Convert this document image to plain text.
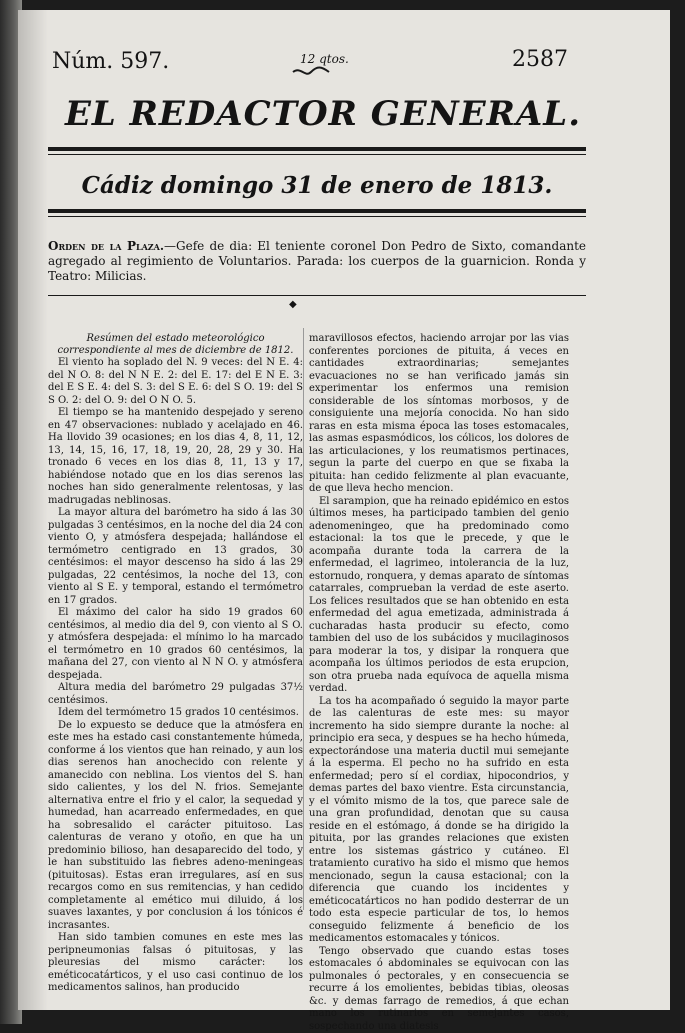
Núm. 597.	12 qtos.	2587
EL REDACTOR GENERAL.
Cádiz domingo 31 de enero de 1813.
Orden de la Plaza.—Gefe de dia: El teniente coronel Don Pedro de Sixto, comandante agregado al regimiento de Voluntarios. Parada: los cuerpos de la guarnicion. Ronda y Teatro: Milicias.
◆

Resúmen del estado meteorológico correspondiente al mes de diciembre de 1812.

El viento ha soplado del N. 9 veces: del N E. 4: del N O. 8: del N N E. 2: del E. 17: del E N E. 3: del E S E. 4: del S. 3: del S E. 6: del S O. 19: del S S O. 2: del O. 9: del O N O. 5.

El tiempo se ha mantenido despejado y sereno en 47 observaciones: nublado y acelajado en 46. Ha llovido 39 ocasiones; en los dias 4, 8, 11, 12, 13, 14, 15, 16, 17, 18, 19, 20, 28, 29 y 30. Ha tronado 6 veces en los dias 8, 11, 13 y 17, habiéndose notado que en los dias serenos las noches han sido generalmente relentosas, y las madrugadas neblinosas.

La mayor altura del barómetro ha sido á las 30 pulgadas 3 centésimos, en la noche del dia 24 con viento O, y atmósfera despejada; hallándose el termómetro centigrado en 13 grados, 30 centésimos: el mayor descenso ha sido á las 29 pulgadas, 22 centésimos, la noche del 13, con viento al S E. y temporal, estando el termómetro en 17 grados.

El máximo del calor ha sido 19 grados 60 centésimos, al medio dia del 9, con viento al S O. y atmósfera despejada: el mínimo lo ha marcado el termómetro en 10 grados 60 centésimos, la mañana del 27, con viento al N N O. y atmósfera despejada.

Altura media del barómetro 29 pulgadas 37½ centésimos.

Idem del termómetro 15 grados 10 centésimos.

De lo expuesto se deduce que la atmósfera en este mes ha estado casi constantemente húmeda, conforme á los vientos que han reinado, y aun los dias serenos han anochecido con relente y amanecido con neblina. Los vientos del S. han sido calientes, y los del N. frios. Semejante alternativa entre el frio y el calor, la sequedad y humedad, han acarreado enfermedades, en que ha sobresalido el carácter pituitoso. Las calenturas de verano y otoño, en que ha un predominio bilioso, han desaparecido del todo, y le han substituido las fiebres adeno-meningeas (pituitosas). Estas eran irregulares, así en sus recargos como en sus remitencias, y han cedido completamente al emético mui diluido, á los suaves laxantes, y por conclusion á los tónicos é incrasantes.

Han sido tambien comunes en este mes las peripneumonias falsas ó pituitosas, y las pleuresias del mismo carácter: los eméticocatárticos, y el uso casi continuo de los medicamentos salinos, han producido

maravillosos efectos, haciendo arrojar por las vias conferentes porciones de pituita, á veces en cantidades extraordinarias; semejantes evacuaciones no se han verificado jamás sin experimentar los enfermos una remision considerable de los síntomas morbosos, y de consiguiente una mejoría conocida. No han sido raras en esta misma época las toses estomacales, las asmas espasmódicos, los cólicos, los dolores de las articulaciones, y los reumatismos pertinaces, segun la parte del cuerpo en que se fixaba la pituita: han cedido felizmente al plan evacuante, de que lleva hecho mencion.

El sarampion, que ha reinado epidémico en estos últimos meses, ha participado tambien del genio adenomeningeo, que ha predominado como estacional: la tos que le precede, y que le acompaña durante toda la carrera de la enfermedad, el lagrimeo, intolerancia de la luz, estornudo, ronquera, y demas aparato de síntomas catarrales, comprueban la verdad de este aserto. Los felices resultados que se han obtenido en esta enfermedad del agua emetizada, administrada á cucharadas hasta producir su efecto, como tambien del uso de los subácidos y mucilaginosos para moderar la tos, y disipar la ronquera que acompaña los últimos periodos de esta erupcion, son otra prueba nada equívoca de aquella misma verdad.

La tos ha acompañado ó seguido la mayor parte de las calenturas de este mes: su mayor incremento ha sido siempre durante la noche: al principio era seca, y despues se ha hecho húmeda, expectorándose una materia ductil mui semejante á la esperma. El pecho no ha sufrido en esta enfermedad; pero sí el cordiax, hipocondrios, y demas partes del baxo vientre. Esta circunstancia, y el vómito mismo de la tos, que parece sale de una gran profundidad, denotan que su causa reside en el estómago, á donde se ha dirigido la pituita, por las grandes relaciones que existen entre los sistemas gástrico y cutáneo. El tratamiento curativo ha sido el mismo que hemos mencionado, segun la causa estacional; con la diferencia que cuando los incidentes y eméticocatárticos no han podido desterrar de un todo esta especie particular de tos, lo hemos conseguido felizmente á beneficio de los medicamentos estomacales y tónicos.

Tengo observado que cuando estas toses estomacales ó abdominales se equivocan con las pulmonales ó pectorales, y en consecuencia se recurre á los emolientes, bebidas tibias, oleosas &c. y demas farrago de remedios, á que echan mano los rutinarios en semejantes casos, sospechando una diatesis
